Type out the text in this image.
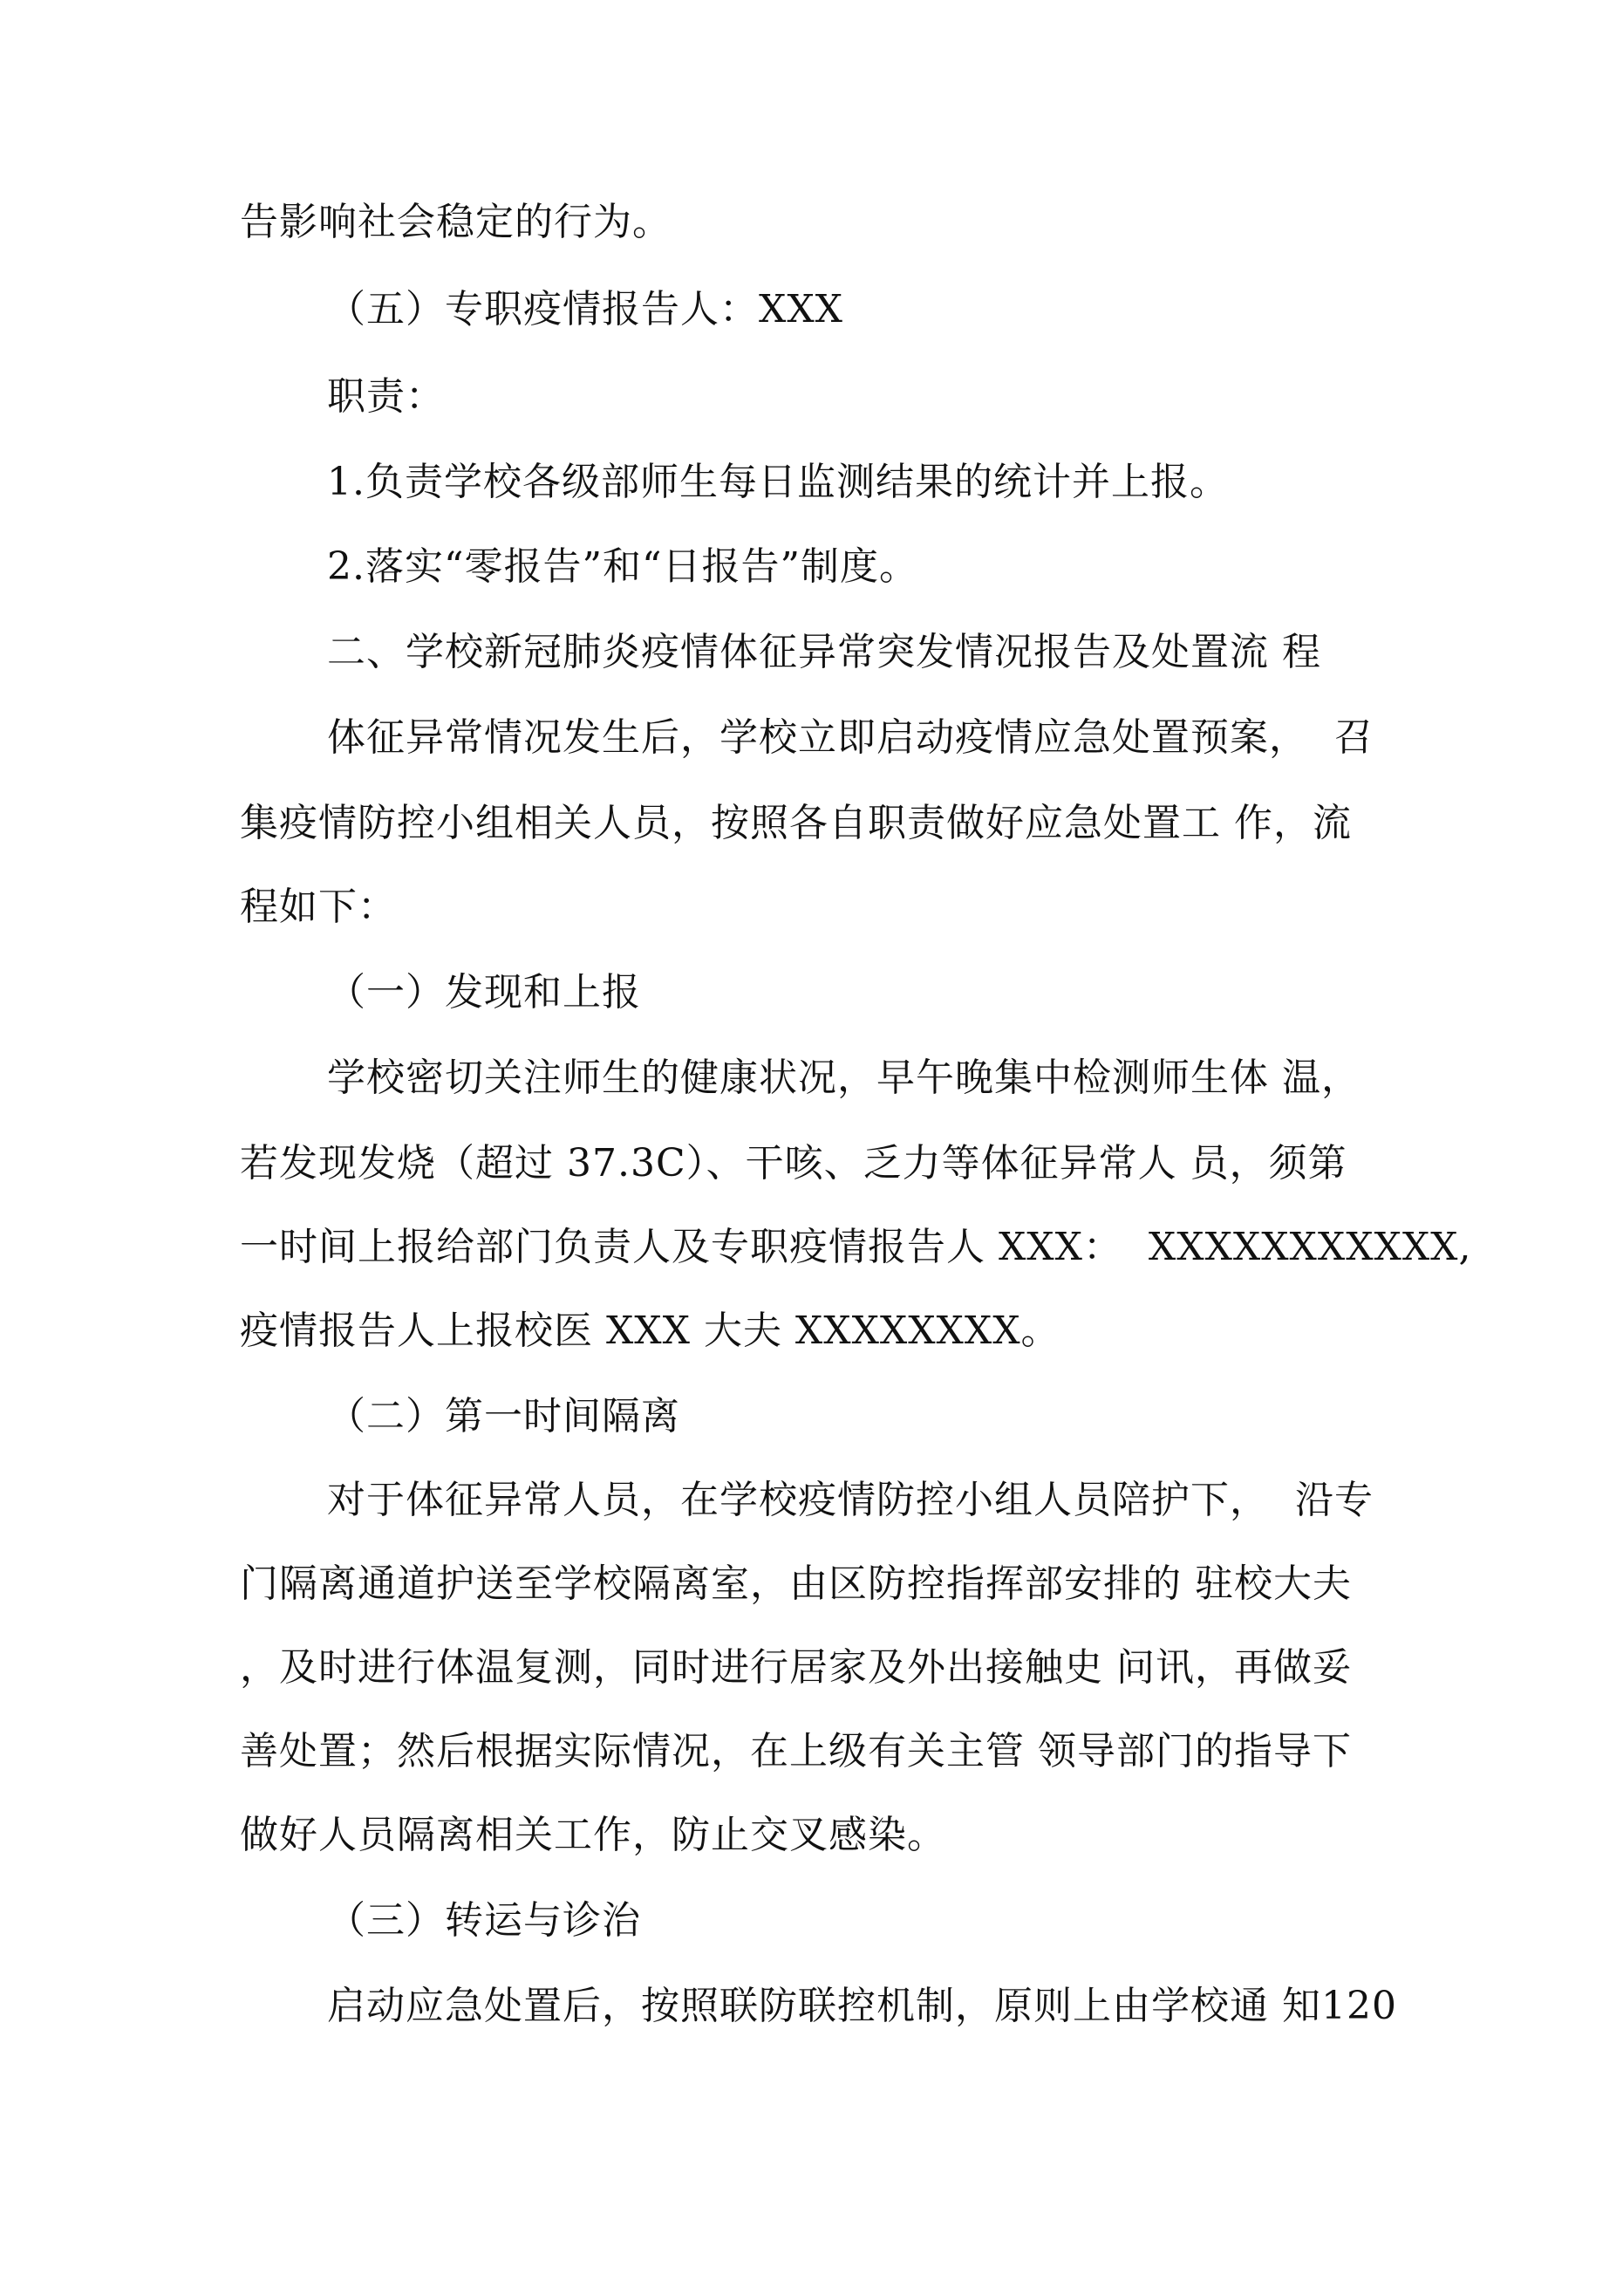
告影响社会稳定的行为。
（五）专职疫情报告人：XXX
职责：
1.负责学校各级部师生每日监测结果的统计并上报。
2.落实“零报告”和“日报告”制度。
二、学校新冠肺炎疫情体征异常突发情况报告及处置流 程
体征异常情况发生后，学校立即启动疫情应急处置预案，  召
集疫情防控小组相关人员，按照各自职责做好应急处置工 作，流
程如下：
（一）发现和上报
学校密切关注师生的健康状况，早午晚集中检测师生体 温，
若发现发烧（超过 37.3C）、干咳、乏力等体征异常人 员，须第
一时间上报给部门负责人及专职疫情报告人 XXX：  XXXXXXXXXXX,
疫情报告人上报校医 XXX 大夫 XXXXXXXX。
（二）第一时间隔离
对于体征异常人员，在学校疫情防控小组人员陪护下，  沿专
门隔离通道护送至学校隔离室，由区防控指挥部安排的 驻校大夫
，及时进行体温复测，同时进行居家及外出接触史 问讯，再做妥
善处置；然后根据实际情况，在上级有关主管 领导部门的指导下
做好人员隔离相关工作，防止交叉感染。
（三）转运与诊治
启动应急处置后，按照联防联控机制，原则上由学校通 知120
